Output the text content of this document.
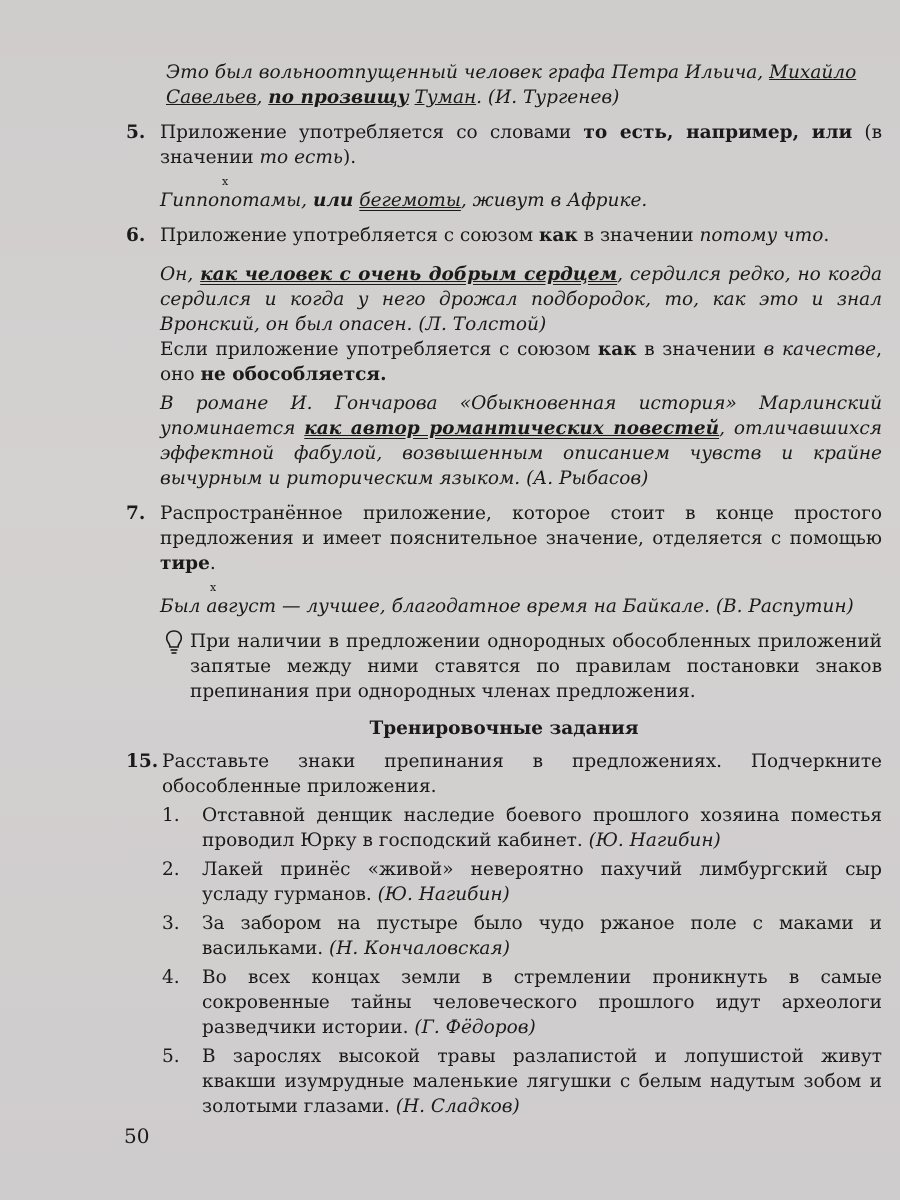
Это был вольноотпущенный человек графа Петра Ильича, Михайло Савельев, по прозвищу Туман. (И. Тургенев)
5. Приложение употребляется со словами то есть, например, или (в значении то есть).
х
Гиппопотамы, или бегемоты, живут в Африке.
6. Приложение употребляется с союзом как в значении потому что.
Он, как человек с очень добрым сердцем, сердился редко, но когда сердился и когда у него дрожал подбородок, то, как это и знал Вронский, он был опасен. (Л. Толстой)
Если приложение употребляется с союзом как в значении в качестве, оно не обособляется.
В романе И. Гончарова «Обыкновенная история» Марлинский упоминается как автор романтических повестей, отличавшихся эффектной фабулой, возвышенным описанием чувств и крайне вычурным и риторическим языком. (А. Рыбасов)
7. Распространённое приложение, которое стоит в конце простого предложения и имеет пояснительное значение, отделяется с помощью тире.
х
Был август — лучшее, благодатное время на Байкале. (В. Распутин)
При наличии в предложении однородных обособленных приложений запятые между ними ставятся по правилам постановки знаков препинания при однородных членах предложения.
Тренировочные задания
15. Расставьте знаки препинания в предложениях. Подчеркните обособленные приложения.
1.	Отставной денщик наследие боевого прошлого хозяина поместья проводил Юрку в господский кабинет. (Ю. Нагибин)
2.	Лакей принёс «живой» невероятно пахучий лимбургский сыр усладу гурманов. (Ю. Нагибин)
3.	За забором на пустыре было чудо ржаное поле с маками и васильками. (Н. Кончаловская)
4.	Во всех концах земли в стремлении проникнуть в самые сокровенные тайны человеческого прошлого идут археологи разведчики истории. (Г. Фёдоров)
5.	В зарослях высокой травы разлапистой и лопушистой живут квакши изумрудные маленькие лягушки с белым надутым зобом и золотыми глазами. (Н. Сладков)
50
